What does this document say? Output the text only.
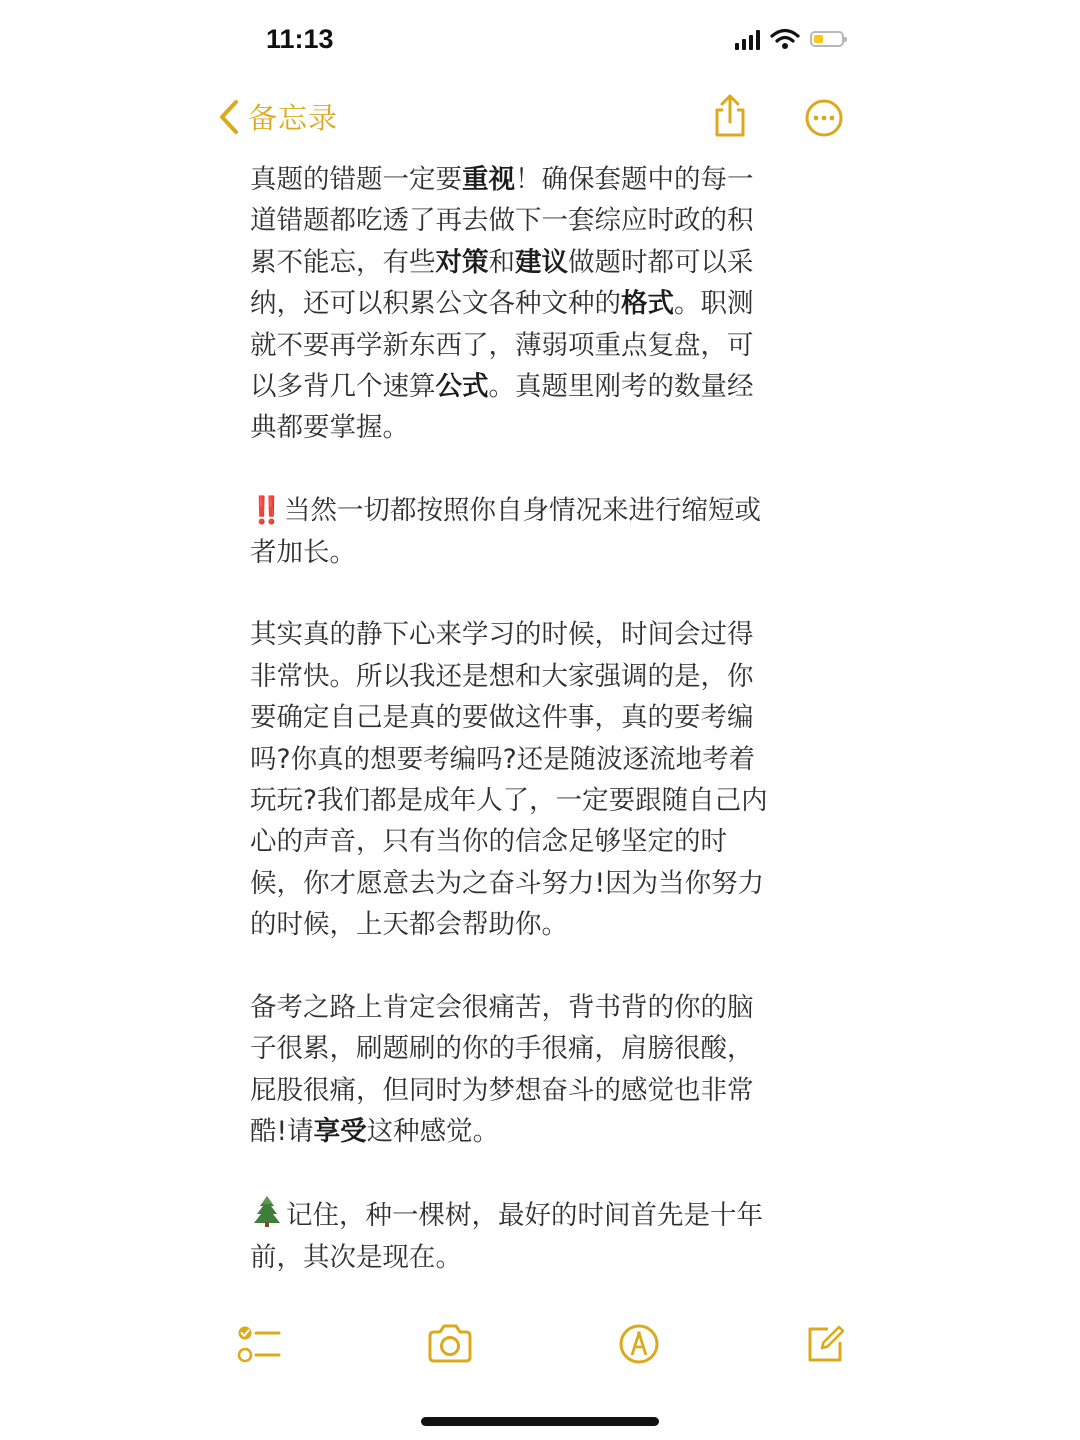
11:13

备忘录
真题的错题一定要重视！确保套题中的每一
道错题都吃透了再去做下一套综应时政的积
累不能忘，有些对策和建议做题时都可以采
纳，还可以积累公文各种文种的格式。职测
就不要再学新东西了，薄弱项重点复盘，可
以多背几个速算公式。真题里刚考的数量经
典都要掌握。
‼️ 当然一切都按照你自身情况来进行缩短或
者加长。
其实真的静下心来学习的时候，时间会过得
非常快。所以我还是想和大家强调的是，你
要确定自己是真的要做这件事，真的要考编
吗?你真的想要考编吗?还是随波逐流地考着
玩玩?我们都是成年人了，一定要跟随自己内
心的声音，只有当你的信念足够坚定的时
候，你才愿意去为之奋斗努力!因为当你努力
的时候，上天都会帮助你。
备考之路上肯定会很痛苦，背书背的你的脑
子很累，刷题刷的你的手很痛，肩膀很酸，
屁股很痛，但同时为梦想奋斗的感觉也非常
酷!请享受这种感觉。
记住，种一棵树，最好的时间首先是十年
前，其次是现在。
